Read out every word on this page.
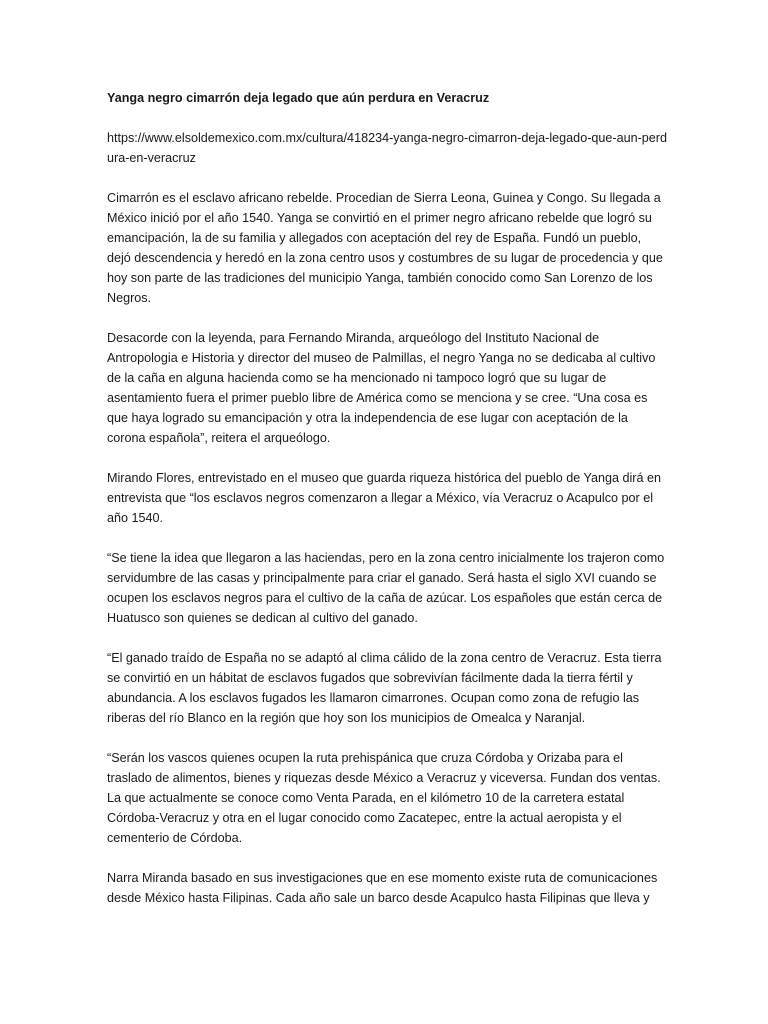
Yanga negro cimarrón deja legado que aún perdura en Veracruz

https://www.elsoldemexico.com.mx/cultura/418234-yanga-negro-cimarron-deja-legado-que-aun-perdura-en-veracruz

Cimarrón es el esclavo africano rebelde. Procedian de Sierra Leona, Guinea y Congo. Su llegada a México inició por el año 1540. Yanga se convirtió en el primer negro africano rebelde que logró su emancipación, la de su familia y allegados con aceptación del rey de España. Fundó un pueblo, dejó descendencia y heredó en la zona centro usos y costumbres de su lugar de procedencia y que hoy son parte de las tradiciones del municipio Yanga, también conocido como San Lorenzo de los Negros.

Desacorde con la leyenda, para Fernando Miranda, arqueólogo del Instituto Nacional de Antropologia e Historia y director del museo de Palmillas, el negro Yanga no se dedicaba al cultivo de la caña en alguna hacienda como se ha mencionado ni tampoco logró que su lugar de asentamiento fuera el primer pueblo libre de América como se menciona y se cree. “Una cosa es que haya logrado su emancipación y otra la independencia de ese lugar con aceptación de la corona española”, reitera el arqueólogo.

Mirando Flores, entrevistado en el museo que guarda riqueza histórica del pueblo de Yanga dirá en entrevista que “los esclavos negros comenzaron a llegar a México, vía Veracruz o Acapulco por el año 1540.

“Se tiene la idea que llegaron a las haciendas, pero en la zona centro inicialmente los trajeron como servidumbre de las casas y principalmente para criar el ganado. Será hasta el siglo XVI cuando se ocupen los esclavos negros para el cultivo de la caña de azúcar. Los españoles que están cerca de Huatusco son quienes se dedican al cultivo del ganado.

“El ganado traído de España no se adaptó al clima cálido de la zona centro de Veracruz. Esta tierra se convirtió en un hábitat de esclavos fugados que sobrevivían fácilmente dada la tierra fértil y abundancia. A los esclavos fugados les llamaron cimarrones. Ocupan como zona de refugio las riberas del río Blanco en la región que hoy son los municipios de Omealca y Naranjal.

“Serán los vascos quienes ocupen la ruta prehispánica que cruza Córdoba y Orizaba para el traslado de alimentos, bienes y riquezas desde México a Veracruz y viceversa. Fundan dos ventas. La que actualmente se conoce como Venta Parada, en el kilómetro 10 de la carretera estatal Córdoba-Veracruz y otra en el lugar conocido como Zacatepec, entre la actual aeropista y el cementerio de Córdoba.

Narra Miranda basado en sus investigaciones que en ese momento existe ruta de comunicaciones desde México hasta Filipinas. Cada año sale un barco desde Acapulco hasta Filipinas que lleva y
